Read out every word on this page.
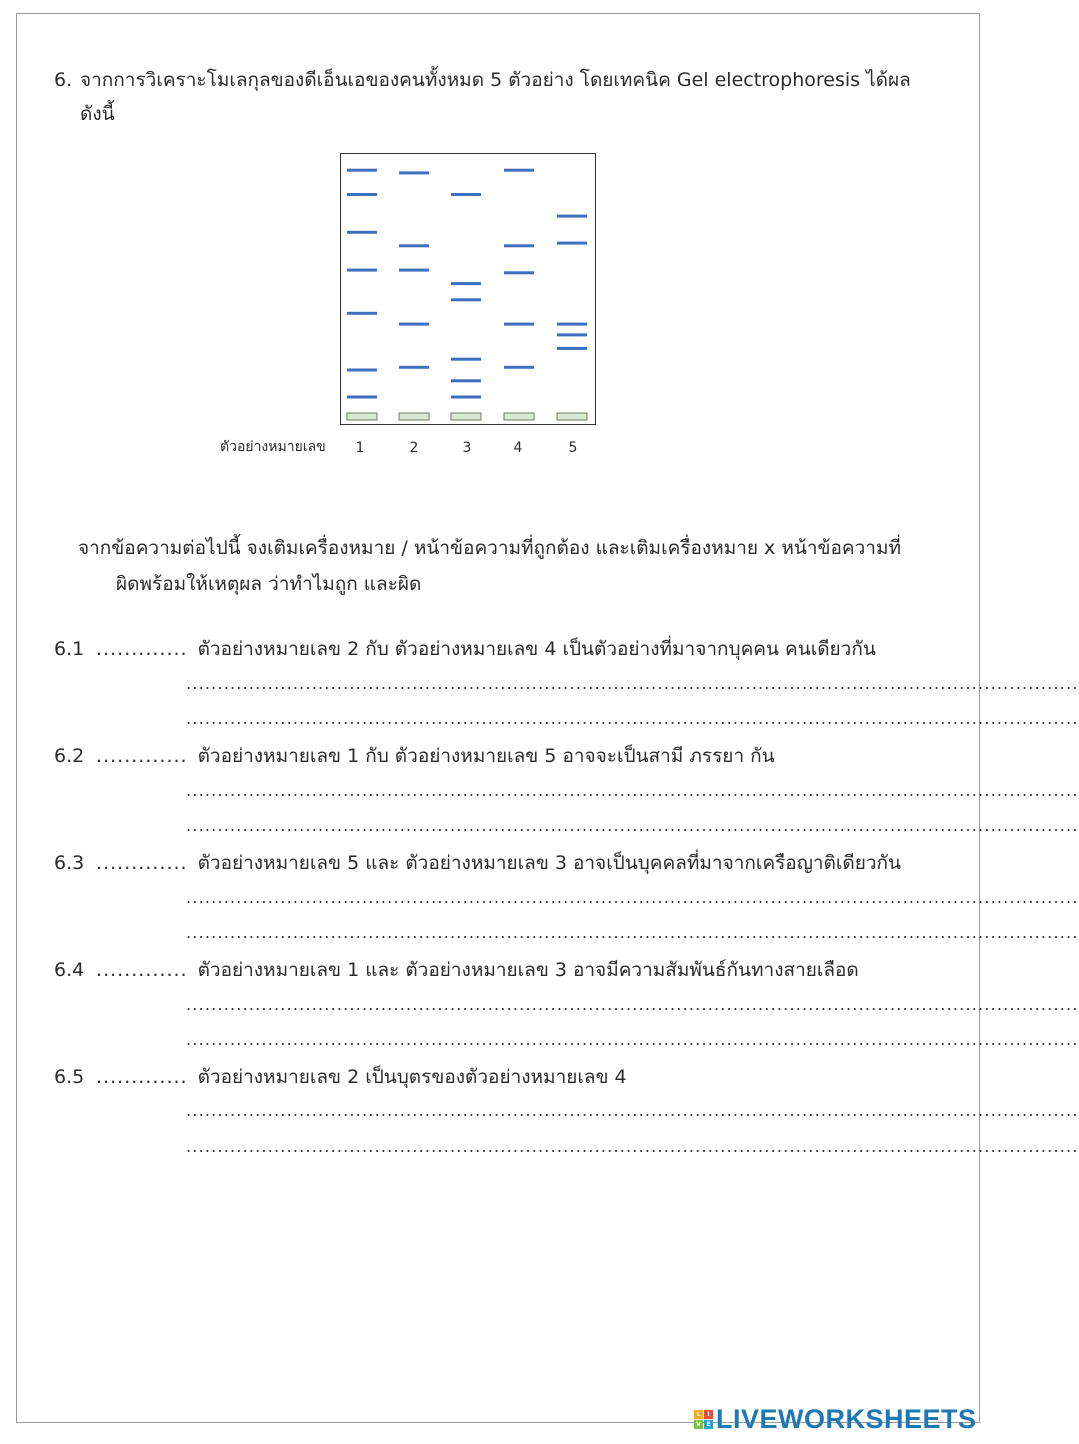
6. จากการวิเคราะโมเลกุลของดีเอ็นเอของคนทั้งหมด 5 ตัวอย่าง โดยเทคนิค Gel electrophoresis ได้ผล
ดังนี้
ตัวอย่างหมายเลข	1	2	3	4	5
จากข้อความต่อไปนี้ จงเติมเครื่องหมาย / หน้าข้อความที่ถูกต้อง และเติมเครื่องหมาย x หน้าข้อความที่
ผิดพร้อมให้เหตุผล ว่าทำไมถูก และผิด
6.1 ............. ตัวอย่างหมายเลข 2 กับ ตัวอย่างหมายเลข 4 เป็นตัวอย่างที่มาจากบุคคน คนเดียวกัน
..............................................................................................................................................
..............................................................................................................................................
6.2 ............. ตัวอย่างหมายเลข 1 กับ ตัวอย่างหมายเลข 5 อาจจะเป็นสามี ภรรยา กัน
..............................................................................................................................................
..............................................................................................................................................
6.3 ............. ตัวอย่างหมายเลข 5 และ ตัวอย่างหมายเลข 3 อาจเป็นบุคคลที่มาจากเครือญาติเดียวกัน
..............................................................................................................................................
..............................................................................................................................................
6.4 ............. ตัวอย่างหมายเลข 1 และ ตัวอย่างหมายเลข 3 อาจมีความสัมพันธ์กันทางสายเลือด
..............................................................................................................................................
..............................................................................................................................................
6.5 ............. ตัวอย่างหมายเลข 2 เป็นบุตรของตัวอย่างหมายเลข 4
..............................................................................................................................................
..............................................................................................................................................
L	I
V E LIVEWORKSHEETS
